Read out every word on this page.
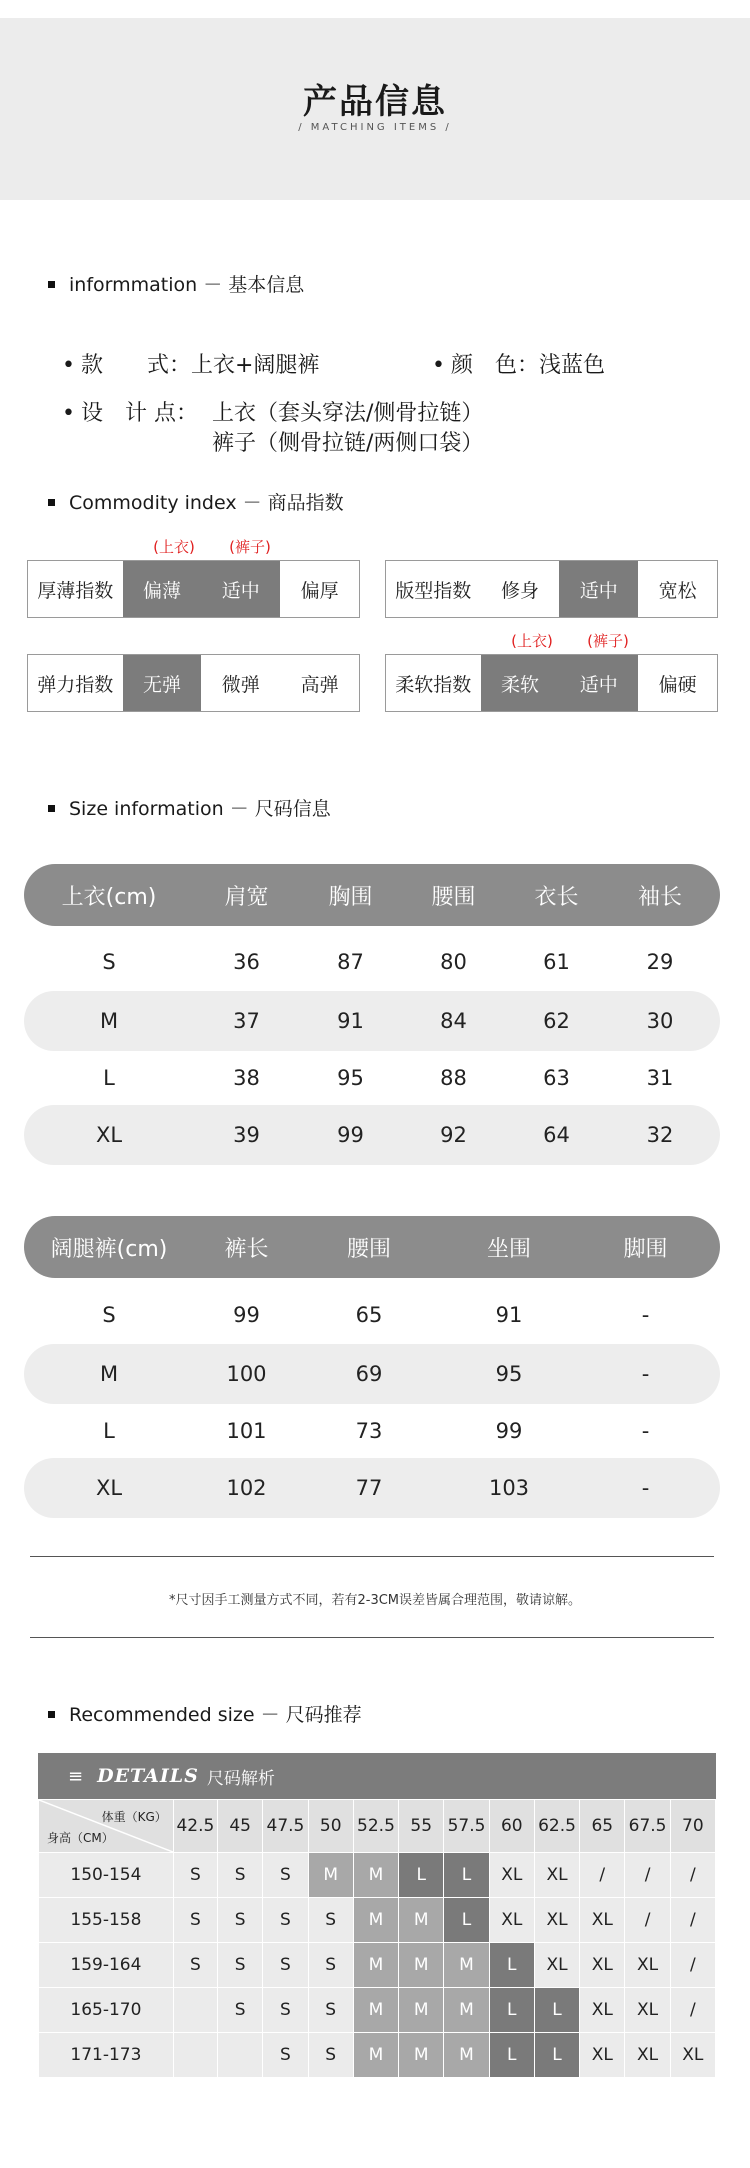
产品信息
/ MATCHING ITEMS /
informmation － 基本信息
• 款　　式：上衣+阔腿裤	• 颜　色：浅蓝色
• 设　计 点： 上衣（套头穿法/侧骨拉链）
裤子（侧骨拉链/两侧口袋）
Commodity index － 商品指数
(上衣)	(裤子)
厚薄指数	偏薄	适中	偏厚	版型指数	修身	适中	宽松
(上衣)	(裤子)
弹力指数	无弹	微弹	高弹	柔软指数	柔软	适中	偏硬
Size information － 尺码信息
上衣(cm)	肩宽	胸围	腰围	衣长	袖长
S	36	87	80	61	29
M	37	91	84	62	30
L	38	95	88	63	31
XL	39	99	92	64	32
阔腿裤(cm)	裤长	腰围	坐围	脚围
S	99	65	91	-
M	100	69	95	-
L	101	73	99	-
XL	102	77	103	-
*尺寸因手工测量方式不同，若有2-3CM误差皆属合理范围，敬请谅解。
Recommended size － 尺码推荐
≡ DETAILS 尺码解析
体重（KG）
身高（CM）	42.5	45	47.5	50	52.5	55	57.5	60	62.5	65	67.5	70
150-154	S	S	S	M	M	L	L	XL	XL	/	/	/
155-158	S	S	S	S	M	M	L	XL	XL	XL	/	/
159-164	S	S	S	S	M	M	M	L	XL	XL	XL	/
165-170		S	S	S	M	M	M	L	L	XL	XL	/
171-173			S	S	M	M	M	L	L	XL	XL	XL
